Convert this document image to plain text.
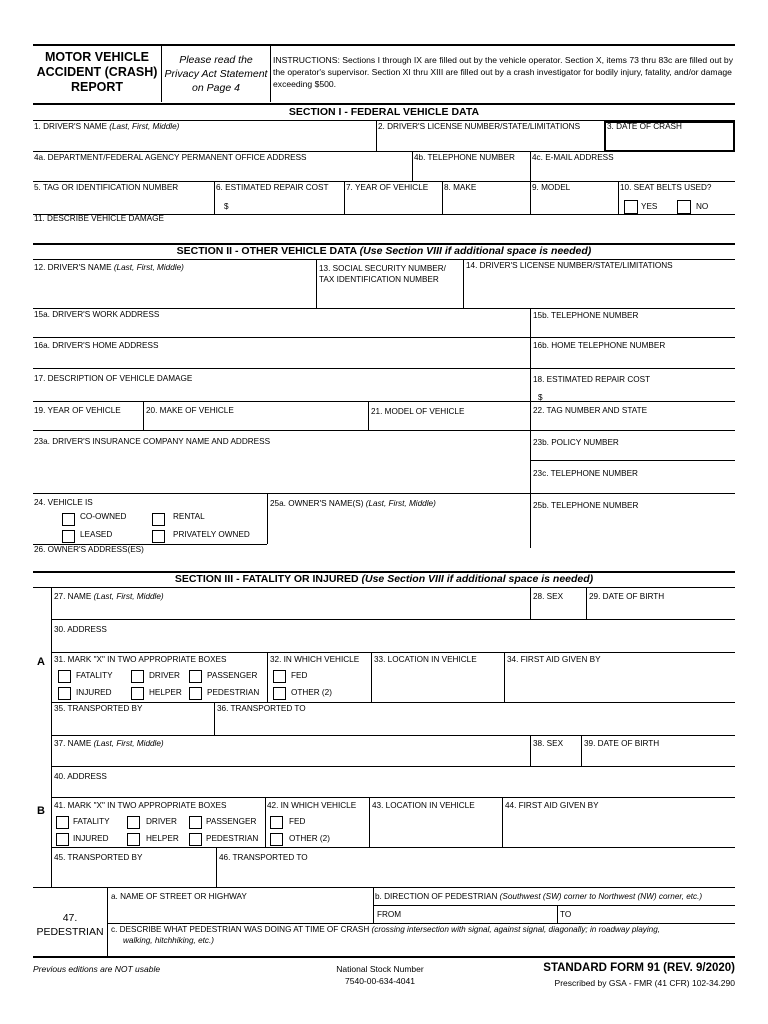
MOTOR VEHICLE ACCIDENT (CRASH) REPORT
Please read the Privacy Act Statement on Page 4
INSTRUCTIONS: Sections I through IX are filled out by the vehicle operator. Section X, items 73 thru 83c are filled out by the operator's supervisor. Section XI thru XIII are filled out by a crash investigator for bodily injury, fatality, and/or damage exceeding $500.
SECTION I - FEDERAL VEHICLE DATA
1. DRIVER'S NAME (Last, First, Middle)	2. DRIVER'S LICENSE NUMBER/STATE/LIMITATIONS	3. DATE OF CRASH
4a. DEPARTMENT/FEDERAL AGENCY PERMANENT OFFICE ADDRESS	4b. TELEPHONE NUMBER 4c. E-MAIL ADDRESS
5. TAG OR IDENTIFICATION NUMBER	6. ESTIMATED REPAIR COST
$
7. YEAR OF VEHICLE 8. MAKE	9. MODEL	10. SEAT BELTS USED?
YES	NO
11. DESCRIBE VEHICLE DAMAGE
SECTION II - OTHER VEHICLE DATA (Use Section VIII if additional space is needed)
12. DRIVER'S NAME (Last, First, Middle)	13. SOCIAL SECURITY NUMBER/
TAX IDENTIFICATION NUMBER
14. DRIVER'S LICENSE NUMBER/STATE/LIMITATIONS
15a. DRIVER'S WORK ADDRESS	15b. TELEPHONE NUMBER
16a. DRIVER'S HOME ADDRESS	16b. HOME TELEPHONE NUMBER
17. DESCRIPTION OF VEHICLE DAMAGE	18. ESTIMATED REPAIR COST
$
19. YEAR OF VEHICLE	20. MAKE OF VEHICLE	21. MODEL OF VEHICLE	22. TAG NUMBER AND STATE
23a. DRIVER'S INSURANCE COMPANY NAME AND ADDRESS	23b. POLICY NUMBER
23c. TELEPHONE NUMBER
24. VEHICLE IS
CO-OWNED	RENTAL
LEASED	PRIVATELY OWNED
25a. OWNER'S NAME(S) (Last, First, Middle)	25b. TELEPHONE NUMBER
26. OWNER'S ADDRESS(ES)
SECTION III - FATALITY OR INJURED (Use Section VIII if additional space is needed)
27. NAME (Last, First, Middle)	28. SEX	29. DATE OF BIRTH
30. ADDRESS
A 31. MARK "X" IN TWO APPROPRIATE BOXES
FATALITY	DRIVER	PASSENGER
INJURED	HELPER	PEDESTRIAN
32. IN WHICH VEHICLE
FED
OTHER (2)
33. LOCATION IN VEHICLE	34. FIRST AID GIVEN BY
35. TRANSPORTED BY	36. TRANSPORTED TO
37. NAME (Last, First, Middle)	38. SEX	39. DATE OF BIRTH
40. ADDRESS
B 41. MARK "X" IN TWO APPROPRIATE BOXES
FATALITY	DRIVER	PASSENGER
INJURED	HELPER	PEDESTRIAN
42. IN WHICH VEHICLE
FED
OTHER (2)
43. LOCATION IN VEHICLE	44. FIRST AID GIVEN BY
45. TRANSPORTED BY	46. TRANSPORTED TO
47.
PEDESTRIAN
a. NAME OF STREET OR HIGHWAY	b. DIRECTION OF PEDESTRIAN (Southwest (SW) corner to Northwest (NW) corner, etc.)
FROM	TO
c. DESCRIBE WHAT PEDESTRIAN WAS DOING AT TIME OF CRASH (crossing intersection with signal, against signal, diagonally; in roadway playing,
walking, hitchhiking, etc.)
Previous editions are NOT usable	National Stock Number
7540-00-634-4041
STANDARD FORM 91 (REV. 9/2020)
Prescribed by GSA - FMR (41 CFR) 102-34.290
